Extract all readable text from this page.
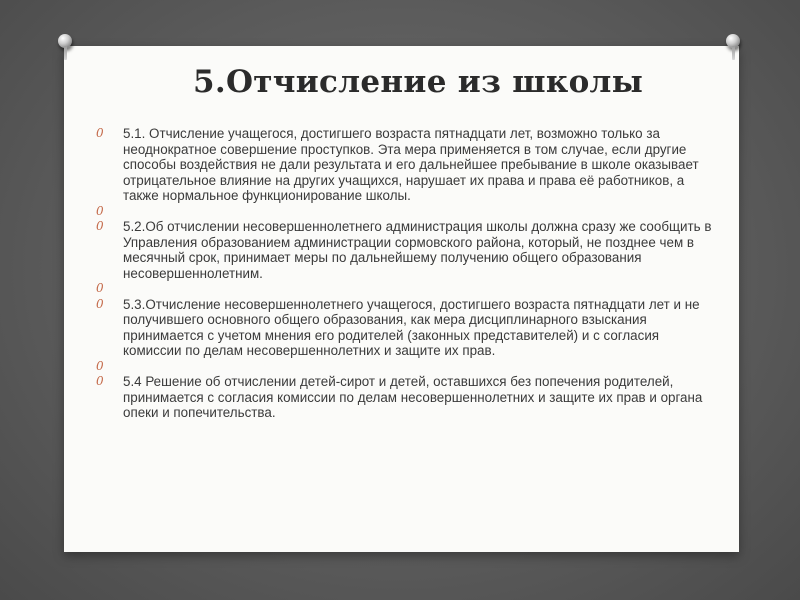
5.Отчисление из школы
0 5.1. Отчисление учащегося, достигшего возраста пятнадцати лет, возможно только за неоднократное совершение проступков. Эта мера применяется в том случае, если другие способы воздействия не дали результата и его дальнейшее пребывание в школе оказывает отрицательное влияние на других учащихся, нарушает их права и права её работников, а также нормальное функционирование школы.
0
0 5.2.Об отчислении несовершеннолетнего администрация школы должна сразу же сообщить в Управления образованием администрации сормовского района, который, не позднее чем в месячный срок, принимает меры по дальнейшему получению общего образования несовершеннолетним.
0
0 5.3.Отчисление несовершеннолетнего учащегося, достигшего возраста пятнадцати лет и не получившего основного общего образования, как мера дисциплинарного взыскания принимается с учетом мнения его родителей (законных представителей) и с согласия комиссии по делам несовершеннолетних и защите их прав.
0
0 5.4 Решение об отчислении детей-сирот и детей, оставшихся без попечения родителей, принимается с согласия комиссии по делам несовершеннолетних и защите их прав и органа опеки и попечительства.
